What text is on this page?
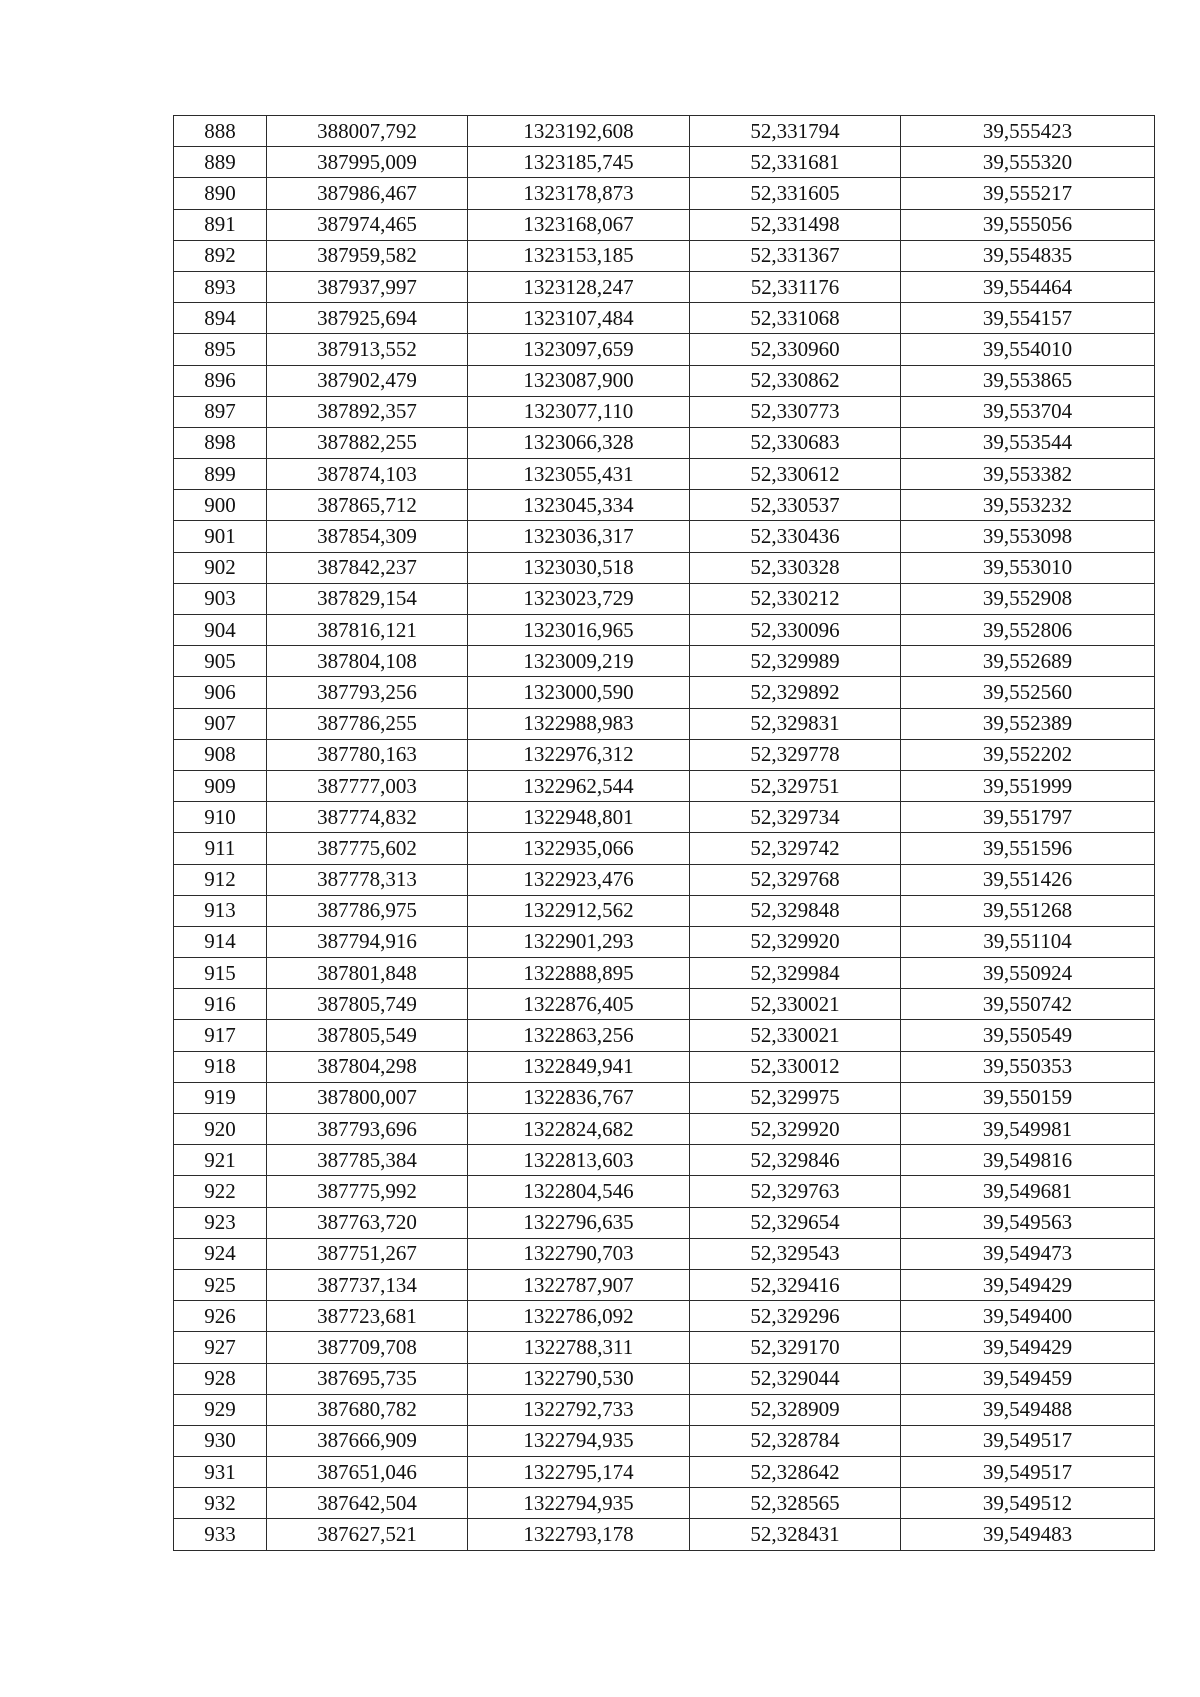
888	388007,792	1323192,608	52,331794	39,555423
889	387995,009	1323185,745	52,331681	39,555320
890	387986,467	1323178,873	52,331605	39,555217
891	387974,465	1323168,067	52,331498	39,555056
892	387959,582	1323153,185	52,331367	39,554835
893	387937,997	1323128,247	52,331176	39,554464
894	387925,694	1323107,484	52,331068	39,554157
895	387913,552	1323097,659	52,330960	39,554010
896	387902,479	1323087,900	52,330862	39,553865
897	387892,357	1323077,110	52,330773	39,553704
898	387882,255	1323066,328	52,330683	39,553544
899	387874,103	1323055,431	52,330612	39,553382
900	387865,712	1323045,334	52,330537	39,553232
901	387854,309	1323036,317	52,330436	39,553098
902	387842,237	1323030,518	52,330328	39,553010
903	387829,154	1323023,729	52,330212	39,552908
904	387816,121	1323016,965	52,330096	39,552806
905	387804,108	1323009,219	52,329989	39,552689
906	387793,256	1323000,590	52,329892	39,552560
907	387786,255	1322988,983	52,329831	39,552389
908	387780,163	1322976,312	52,329778	39,552202
909	387777,003	1322962,544	52,329751	39,551999
910	387774,832	1322948,801	52,329734	39,551797
911	387775,602	1322935,066	52,329742	39,551596
912	387778,313	1322923,476	52,329768	39,551426
913	387786,975	1322912,562	52,329848	39,551268
914	387794,916	1322901,293	52,329920	39,551104
915	387801,848	1322888,895	52,329984	39,550924
916	387805,749	1322876,405	52,330021	39,550742
917	387805,549	1322863,256	52,330021	39,550549
918	387804,298	1322849,941	52,330012	39,550353
919	387800,007	1322836,767	52,329975	39,550159
920	387793,696	1322824,682	52,329920	39,549981
921	387785,384	1322813,603	52,329846	39,549816
922	387775,992	1322804,546	52,329763	39,549681
923	387763,720	1322796,635	52,329654	39,549563
924	387751,267	1322790,703	52,329543	39,549473
925	387737,134	1322787,907	52,329416	39,549429
926	387723,681	1322786,092	52,329296	39,549400
927	387709,708	1322788,311	52,329170	39,549429
928	387695,735	1322790,530	52,329044	39,549459
929	387680,782	1322792,733	52,328909	39,549488
930	387666,909	1322794,935	52,328784	39,549517
931	387651,046	1322795,174	52,328642	39,549517
932	387642,504	1322794,935	52,328565	39,549512
933	387627,521	1322793,178	52,328431	39,549483
